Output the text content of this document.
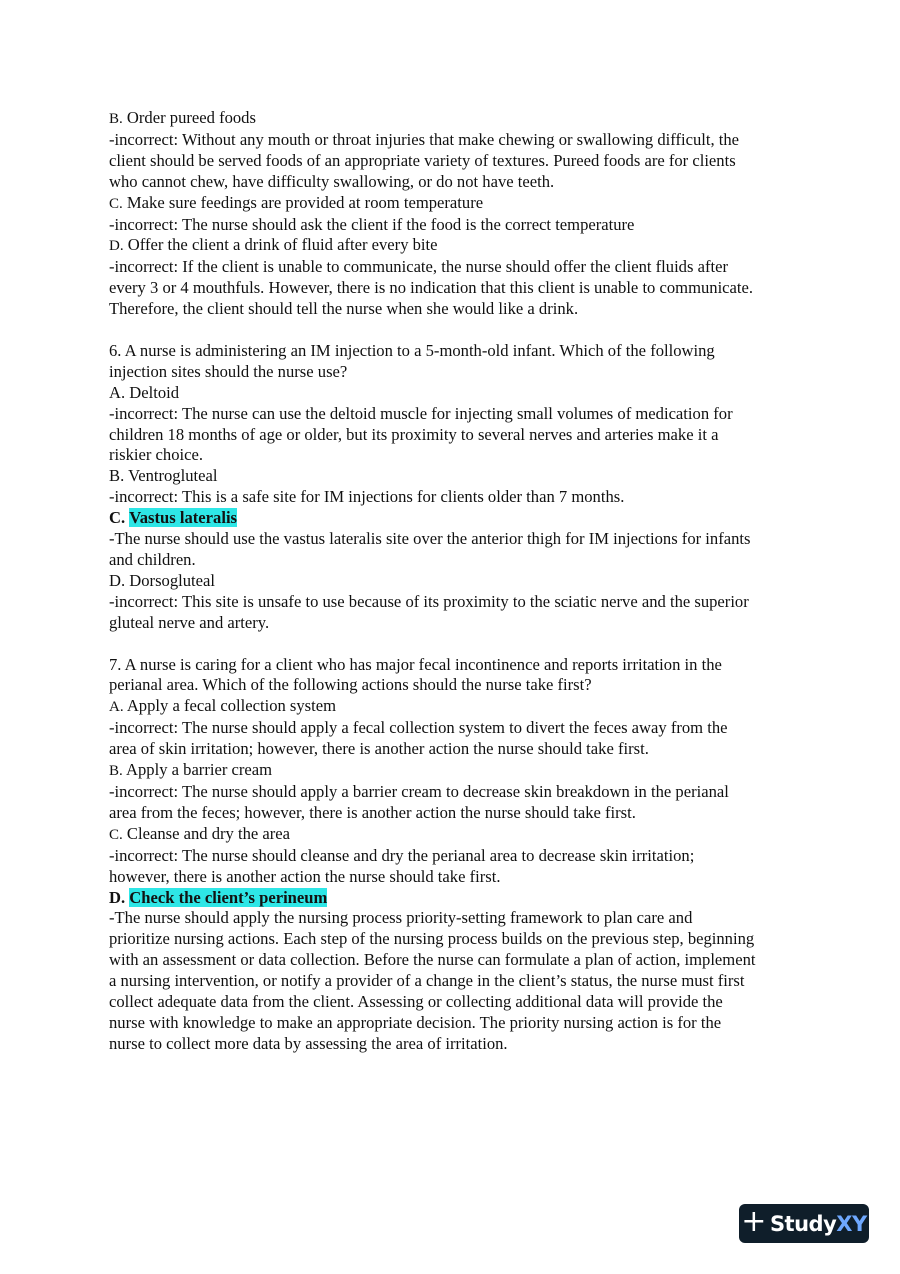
B. Order pureed foods
-incorrect: Without any mouth or throat injuries that make chewing or swallowing difficult, the
client should be served foods of an appropriate variety of textures. Pureed foods are for clients
who cannot chew, have difficulty swallowing, or do not have teeth.
C. Make sure feedings are provided at room temperature
-incorrect: The nurse should ask the client if the food is the correct temperature
D. Offer the client a drink of fluid after every bite
-incorrect: If the client is unable to communicate, the nurse should offer the client fluids after
every 3 or 4 mouthfuls. However, there is no indication that this client is unable to communicate.
Therefore, the client should tell the nurse when she would like a drink.
6. A nurse is administering an IM injection to a 5-month-old infant. Which of the following
injection sites should the nurse use?
A. Deltoid
-incorrect: The nurse can use the deltoid muscle for injecting small volumes of medication for
children 18 months of age or older, but its proximity to several nerves and arteries make it a
riskier choice.
B. Ventrogluteal
-incorrect: This is a safe site for IM injections for clients older than 7 months.
C. Vastus lateralis
-The nurse should use the vastus lateralis site over the anterior thigh for IM injections for infants
and children.
D. Dorsogluteal
-incorrect: This site is unsafe to use because of its proximity to the sciatic nerve and the superior
gluteal nerve and artery.
7. A nurse is caring for a client who has major fecal incontinence and reports irritation in the
perianal area. Which of the following actions should the nurse take first?
A. Apply a fecal collection system
-incorrect: The nurse should apply a fecal collection system to divert the feces away from the
area of skin irritation; however, there is another action the nurse should take first.
B. Apply a barrier cream
-incorrect: The nurse should apply a barrier cream to decrease skin breakdown in the perianal
area from the feces; however, there is another action the nurse should take first.
C. Cleanse and dry the area
-incorrect: The nurse should cleanse and dry the perianal area to decrease skin irritation;
however, there is another action the nurse should take first.
D. Check the client’s perineum
-The nurse should apply the nursing process priority-setting framework to plan care and
prioritize nursing actions. Each step of the nursing process builds on the previous step, beginning
with an assessment or data collection. Before the nurse can formulate a plan of action, implement
a nursing intervention, or notify a provider of a change in the client’s status, the nurse must first
collect adequate data from the client. Assessing or collecting additional data will provide the
nurse with knowledge to make an appropriate decision. The priority nursing action is for the
nurse to collect more data by assessing the area of irritation.
+ Study XY
